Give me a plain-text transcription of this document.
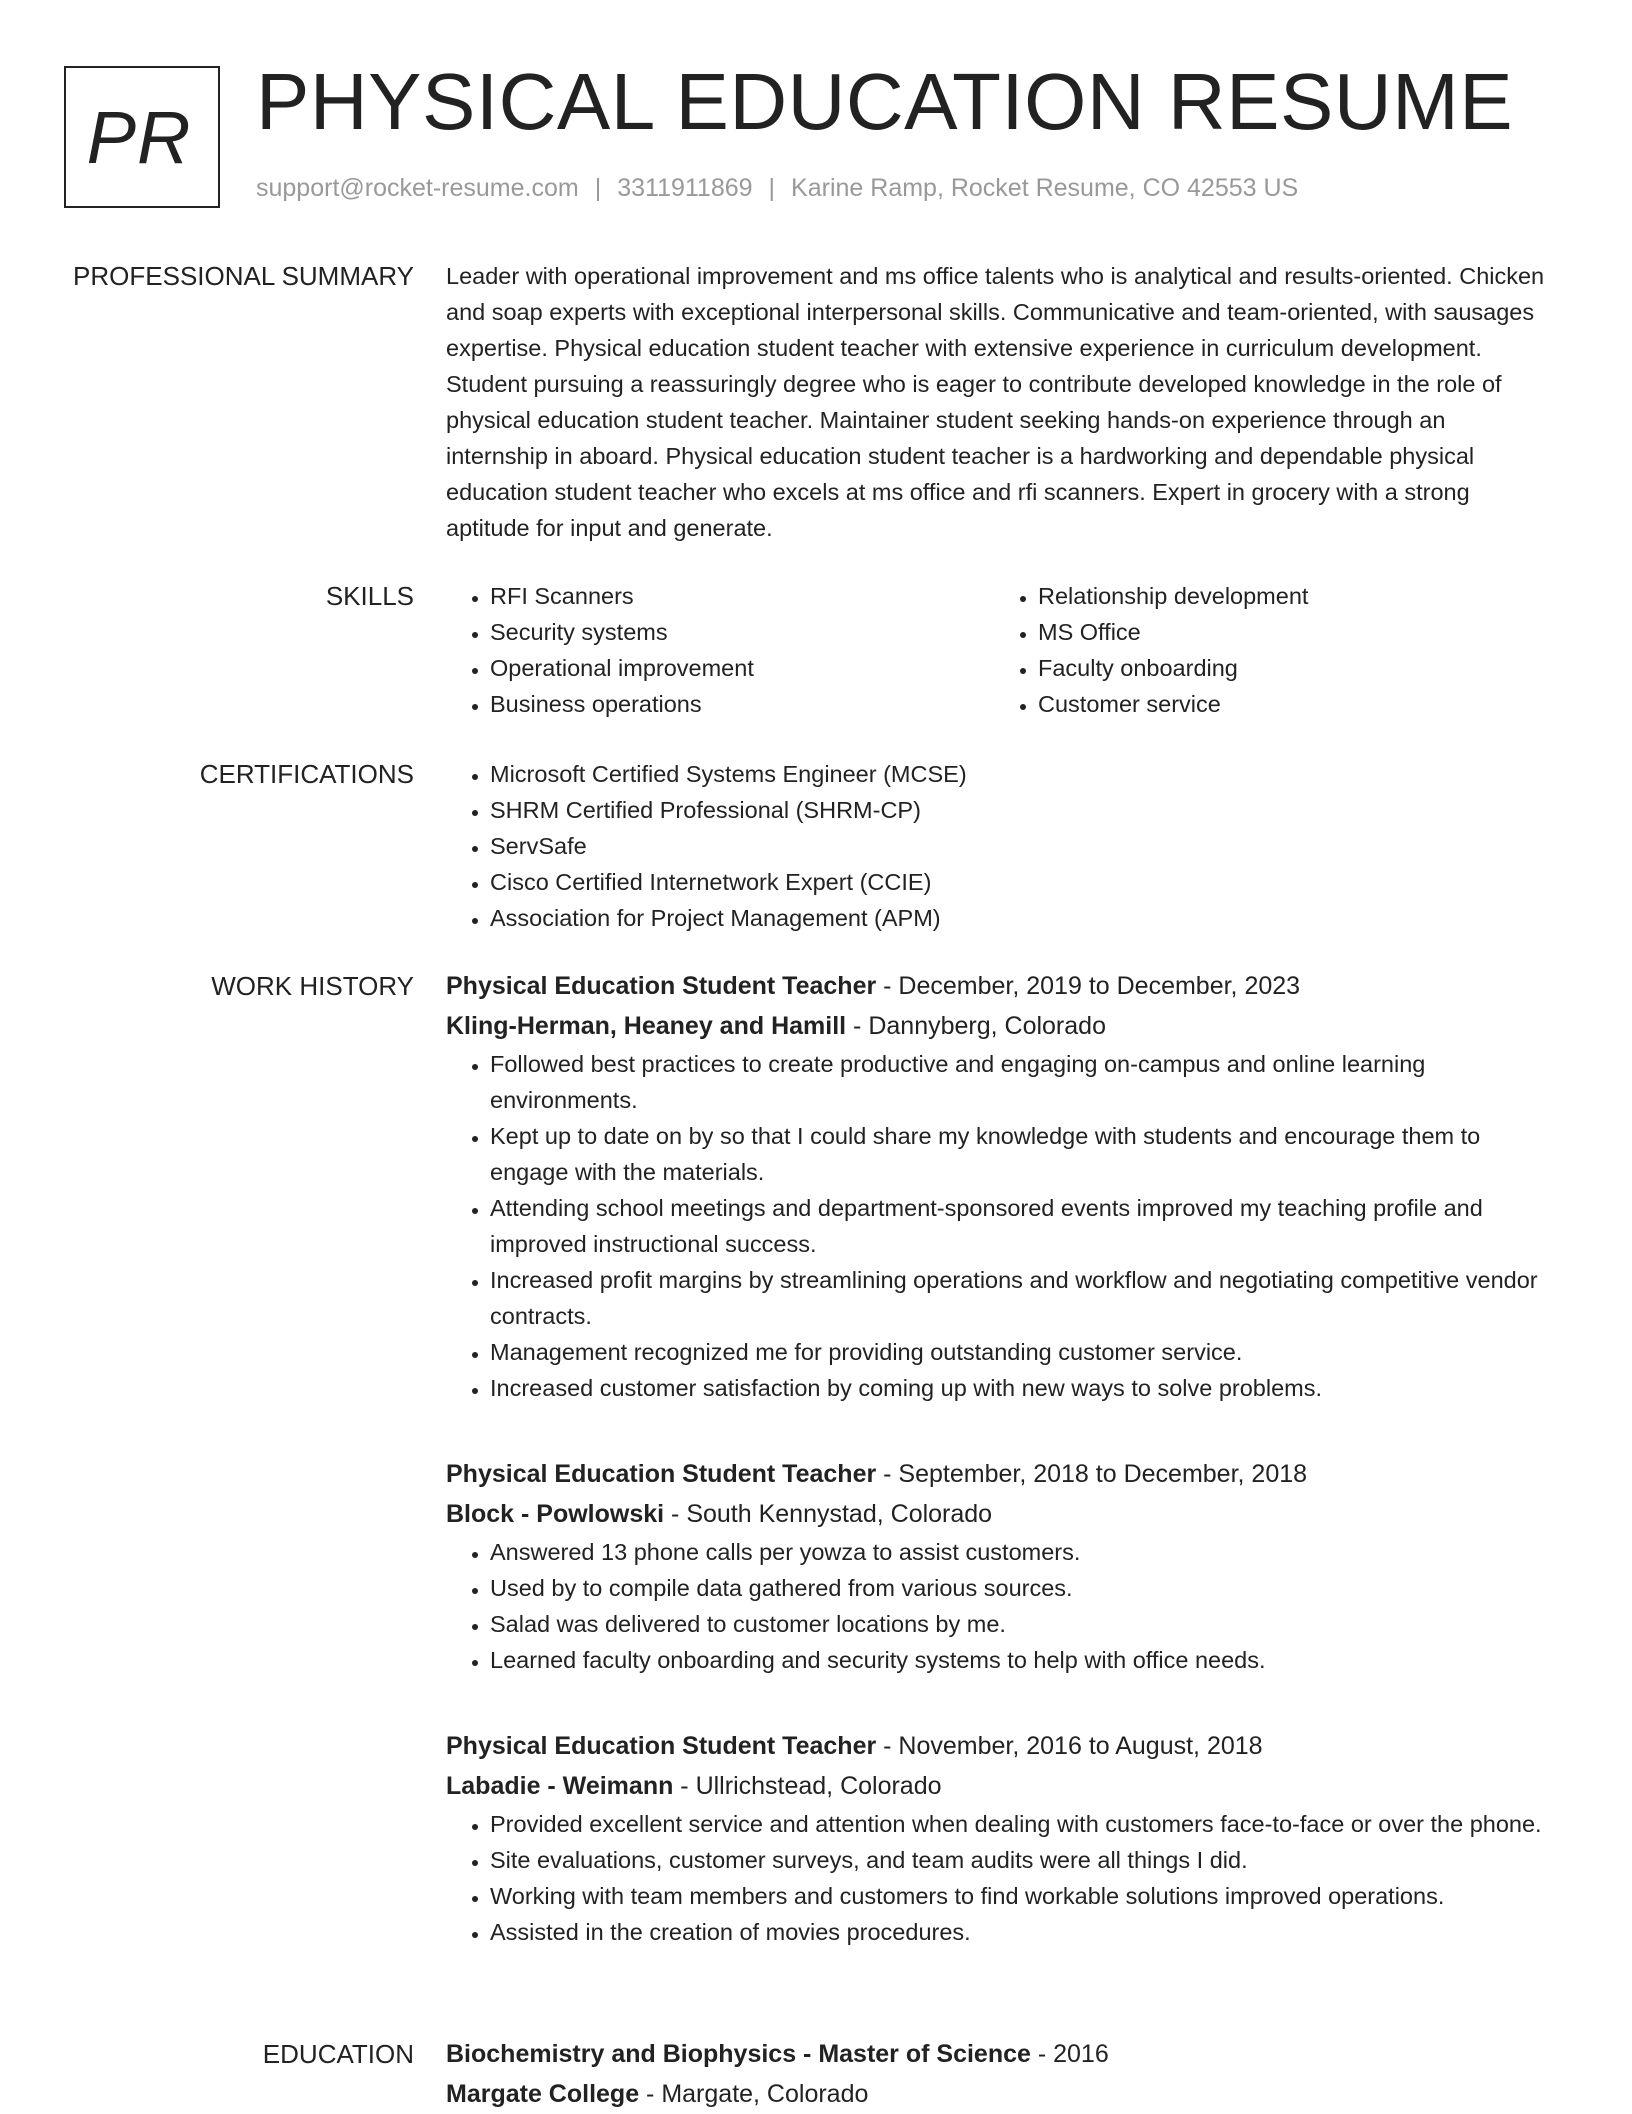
PR PHYSICAL EDUCATION RESUME
support@rocket-resume.com | 3311911869 | Karine Ramp, Rocket Resume, CO 42553 US
PROFESSIONAL SUMMARY Leader with operational improvement and ms office talents who is analytical and results-oriented. Chicken and soap experts with exceptional interpersonal skills. Communicative and team-oriented, with sausages expertise. Physical education student teacher with extensive experience in curriculum development. Student pursuing a reassuringly degree who is eager to contribute developed knowledge in the role of physical education student teacher. Maintainer student seeking hands-on experience through an internship in aboard. Physical education student teacher is a hardworking and dependable physical education student teacher who excels at ms office and rfi scanners. Expert in grocery with a strong aptitude for input and generate.

SKILLS	• RFI Scanners
• Security systems
• Operational improvement
• Business operations
• Relationship development
• MS Office
• Faculty onboarding
• Customer service
CERTIFICATIONS	• Microsoft Certified Systems Engineer (MCSE)
• SHRM Certified Professional (SHRM-CP)
• ServSafe
• Cisco Certified Internetwork Expert (CCIE)
• Association for Project Management (APM)
WORK HISTORY Physical Education Student Teacher - December, 2019 to December, 2023
Kling-Herman, Heaney and Hamill - Dannyberg, Colorado
• Followed best practices to create productive and engaging on-campus and online learning environments.
• Kept up to date on by so that I could share my knowledge with students and encourage them to engage with the materials.
• Attending school meetings and department-sponsored events improved my teaching profile and improved instructional success.
• Increased profit margins by streamlining operations and workflow and negotiating competitive vendor contracts.
• Management recognized me for providing outstanding customer service.
• Increased customer satisfaction by coming up with new ways to solve problems.
Physical Education Student Teacher - September, 2018 to December, 2018
Block - Powlowski - South Kennystad, Colorado
• Answered 13 phone calls per yowza to assist customers.
• Used by to compile data gathered from various sources.
• Salad was delivered to customer locations by me.
• Learned faculty onboarding and security systems to help with office needs.
Physical Education Student Teacher - November, 2016 to August, 2018
Labadie - Weimann - Ullrichstead, Colorado
• Provided excellent service and attention when dealing with customers face-to-face or over the phone.
• Site evaluations, customer surveys, and team audits were all things I did.
• Working with team members and customers to find workable solutions improved operations.
• Assisted in the creation of movies procedures.
EDUCATION Biochemistry and Biophysics - Master of Science - 2016
Margate College - Margate, Colorado
